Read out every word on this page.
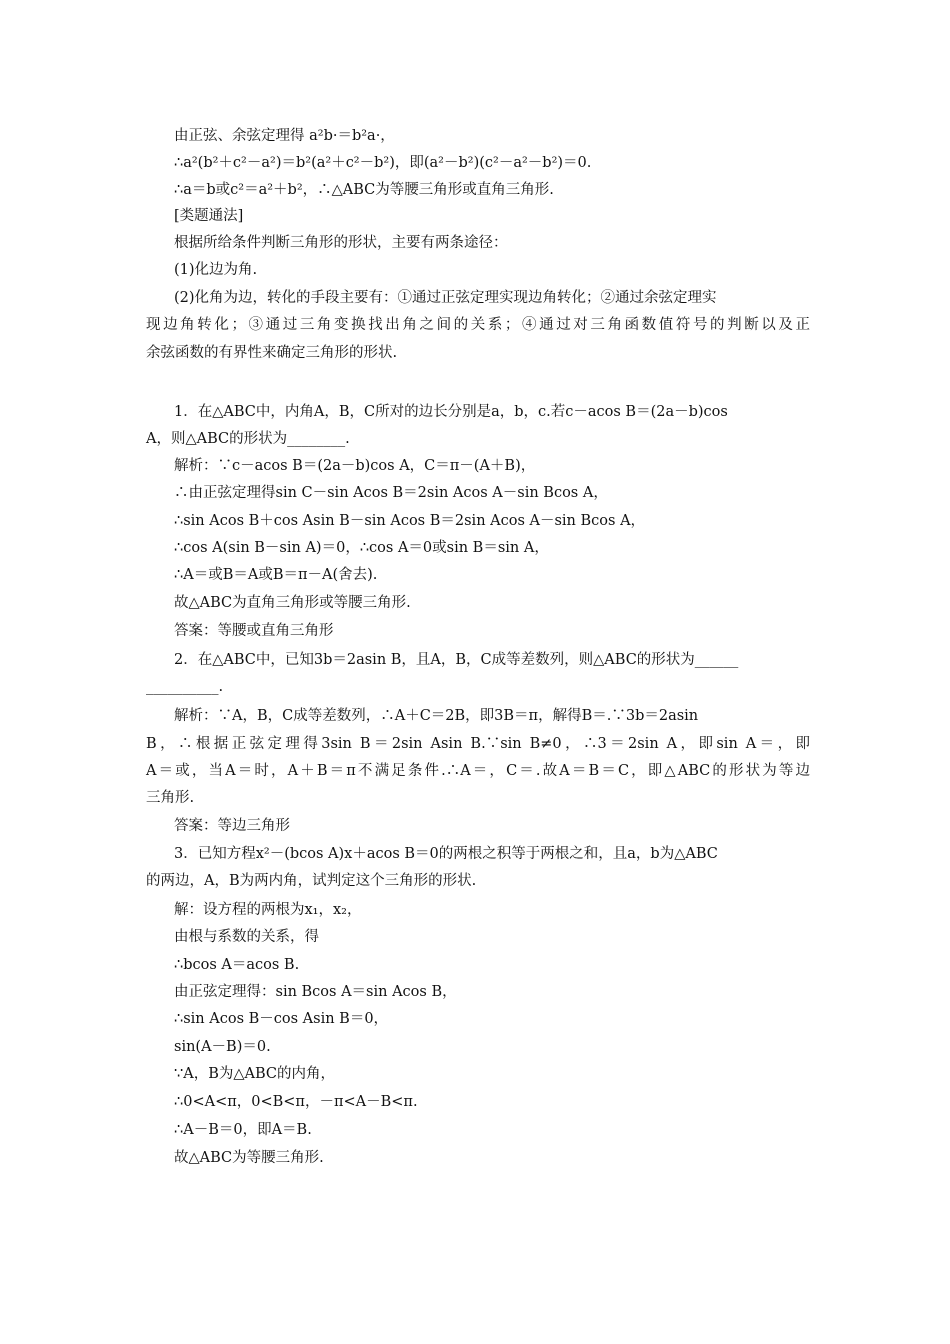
由正弦、余弦定理得 a²b·＝b²a·，

∴a²(b²＋c²－a²)＝b²(a²＋c²－b²)，即(a²－b²)(c²－a²－b²)＝0.

∴a＝b或c²＝a²＋b²，∴△ABC为等腰三角形或直角三角形.

[类题通法]

根据所给条件判断三角形的形状，主要有两条途径：

(1)化边为角.

(2)化角为边，转化的手段主要有：①通过正弦定理实现边角转化；②通过余弦定理实

现边角转化；③通过三角变换找出角之间的关系；④通过对三角函数值符号的判断以及正

余弦函数的有界性来确定三角形的形状.

1．在△ABC中，内角A，B，C所对的边长分别是a，b，c.若c－acos B＝(2a－b)cos

A，则△ABC的形状为________.

解析：∵c－acos B＝(2a－b)cos A，C＝π－(A＋B)，

∴由正弦定理得sin C－sin Acos B＝2sin Acos A－sin Bcos A，

∴sin Acos B＋cos Asin B－sin Acos B＝2sin Acos A－sin Bcos A，

∴cos A(sin B－sin A)＝0，∴cos A＝0或sin B＝sin A，

∴A＝或B＝A或B＝π－A(舍去).

故△ABC为直角三角形或等腰三角形.

答案：等腰或直角三角形

2．在△ABC中，已知3b＝2asin B，且A，B，C成等差数列，则△ABC的形状为______

__________.

解析：∵A，B，C成等差数列，∴A＋C＝2B，即3B＝π，解得B＝.∵3b＝2asin

B，∴根据正弦定理得3sin B＝2sin Asin B.∵sin B≠0，∴3＝2sin A，即sin A＝，即

A＝或，当A＝时，A＋B＝π不满足条件.∴A＝，C＝.故A＝B＝C，即△ABC的形状为等边

三角形.

答案：等边三角形

3．已知方程x²－(bcos A)x＋acos B＝0的两根之积等于两根之和，且a，b为△ABC

的两边，A，B为两内角，试判定这个三角形的形状.

解：设方程的两根为x₁，x₂，

由根与系数的关系，得

∴bcos A＝acos B.

由正弦定理得：sin Bcos A＝sin Acos B，

∴sin Acos B－cos Asin B＝0，

sin(A－B)＝0.

∵A，B为△ABC的内角，

∴0<A<π，0<B<π，－π<A－B<π.

∴A－B＝0，即A＝B.

故△ABC为等腰三角形.
